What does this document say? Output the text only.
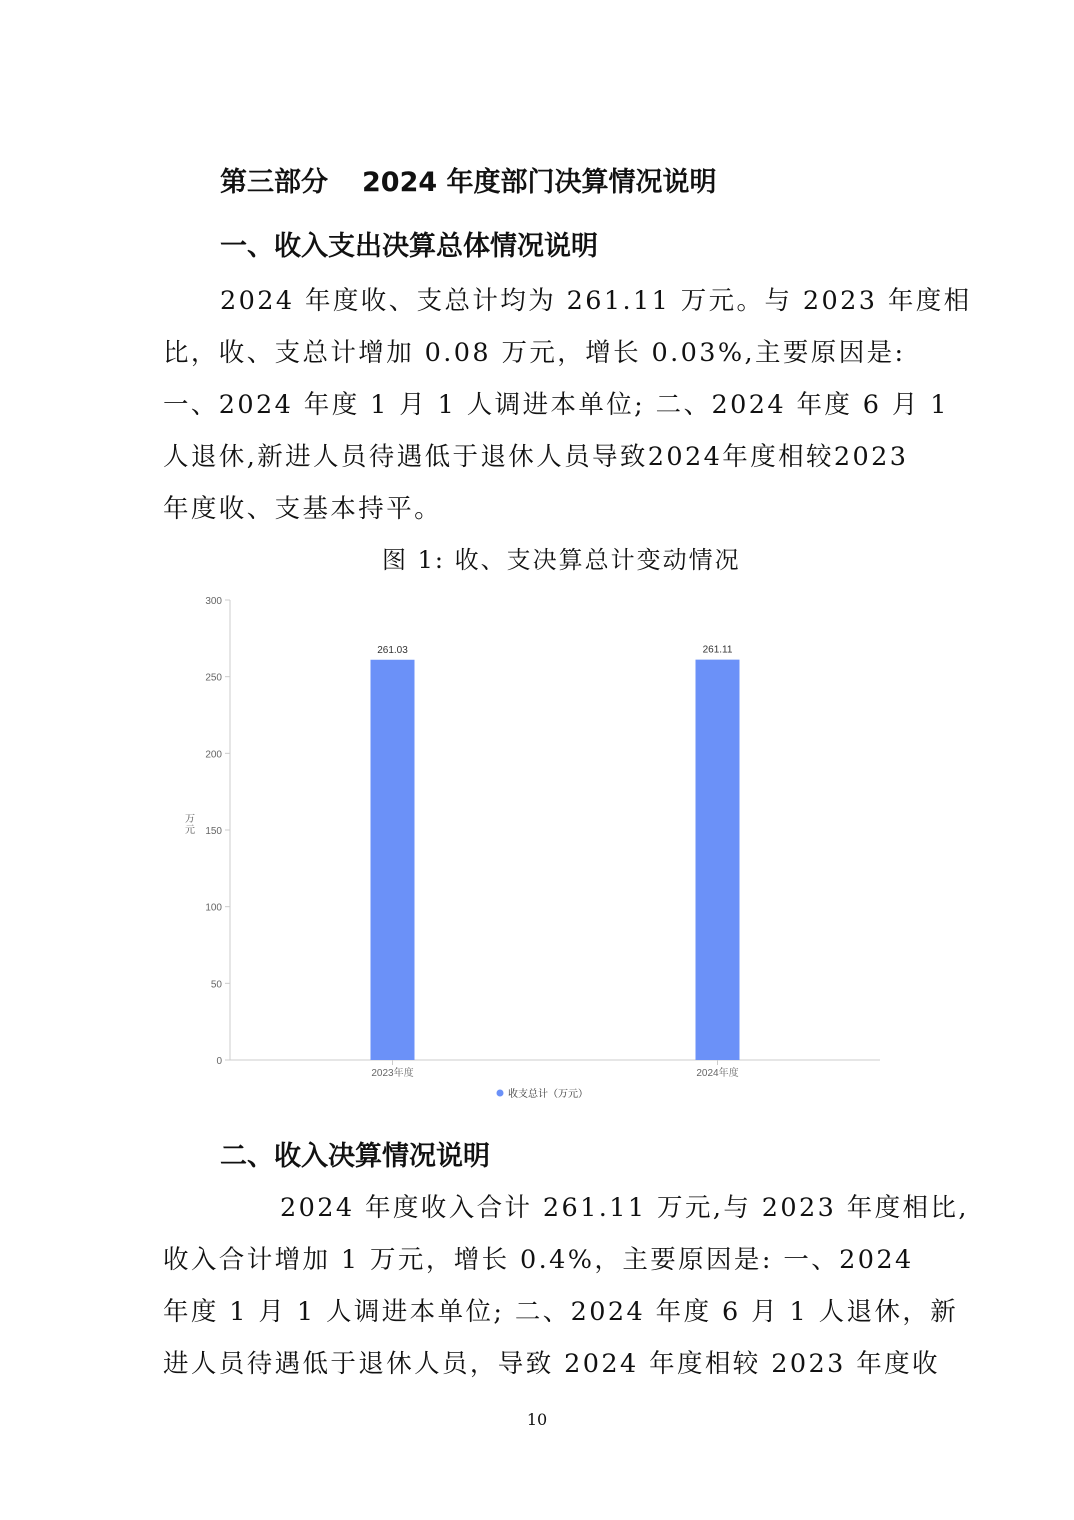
第三部分 2024 年度部门决算情况说明
一、收入支出决算总体情况说明
2024 年度收、支总计均为 261.11 万元。与 2023 年度相
比，收、支总计增加 0.08 万元，增长 0.03%,主要原因是:
一、2024 年度 1 月 1 人调进本单位; 二、2024 年度 6 月 1
人退休,新进人员待遇低于退休人员导致2024年度相较2023
年度收、支基本持平。
图 1: 收、支决算总计变动情况
0
50
100
150
200
250
300
万元
261.03
2023年度
261.11
2024年度
收支总计（万元）
二、收入决算情况说明
2024 年度收入合计 261.11 万元,与 2023 年度相比,
收入合计增加 1 万元，增长 0.4%，主要原因是: 一、2024
年度 1 月 1 人调进本单位; 二、2024 年度 6 月 1 人退休，新
进人员待遇低于退休人员，导致 2024 年度相较 2023 年度收
10
